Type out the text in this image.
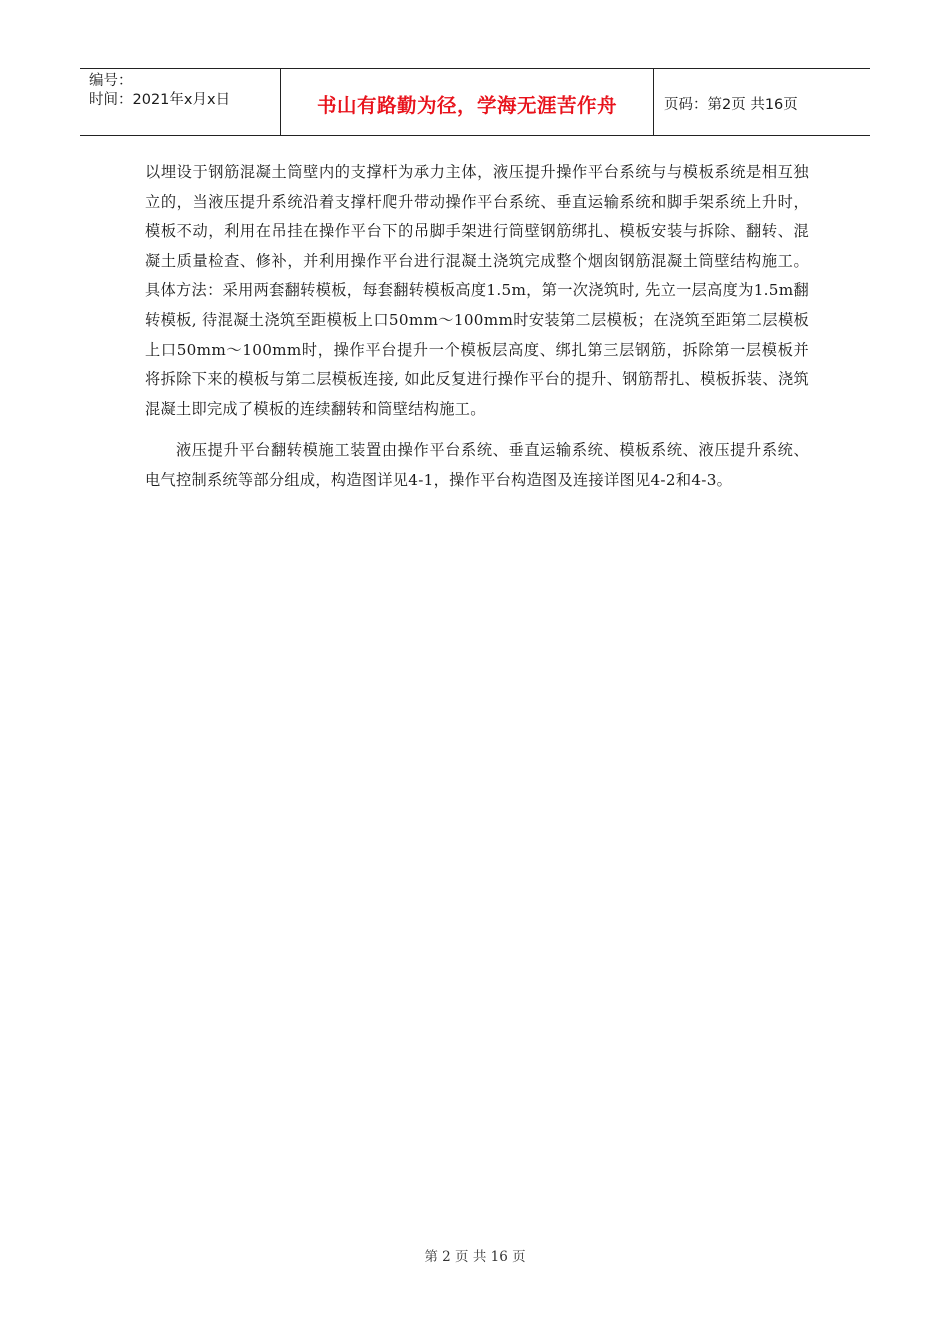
编号：
时间：2021年x月x日	书山有路勤为径，学海无涯苦作舟	页码：第2页 共16页

以埋设于钢筋混凝土筒壁内的支撑杆为承力主体，液压提升操作平台系统与与模板系统是相互独立的，当液压提升系统沿着支撑杆爬升带动操作平台系统、垂直运输系统和脚手架系统上升时，模板不动，利用在吊挂在操作平台下的吊脚手架进行筒壁钢筋绑扎、模板安装与拆除、翻转、混凝土质量检查、修补，并利用操作平台进行混凝土浇筑完成整个烟囱钢筋混凝土筒壁结构施工。具体方法：采用两套翻转模板，每套翻转模板高度1.5m，第一次浇筑时, 先立一层高度为1.5m翻转模板, 待混凝土浇筑至距模板上口50mm～100mm时安装第二层模板；在浇筑至距第二层模板上口50mm～100mm时，操作平台提升一个模板层高度、绑扎第三层钢筋，拆除第一层模板并将拆除下来的模板与第二层模板连接, 如此反复进行操作平台的提升、钢筋帮扎、模板拆装、浇筑混凝土即完成了模板的连续翻转和筒壁结构施工。

液压提升平台翻转模施工装置由操作平台系统、垂直运输系统、模板系统、液压提升系统、电气控制系统等部分组成，构造图详见4-1，操作平台构造图及连接详图见4-2和4-3。

第 2 页 共 16 页
